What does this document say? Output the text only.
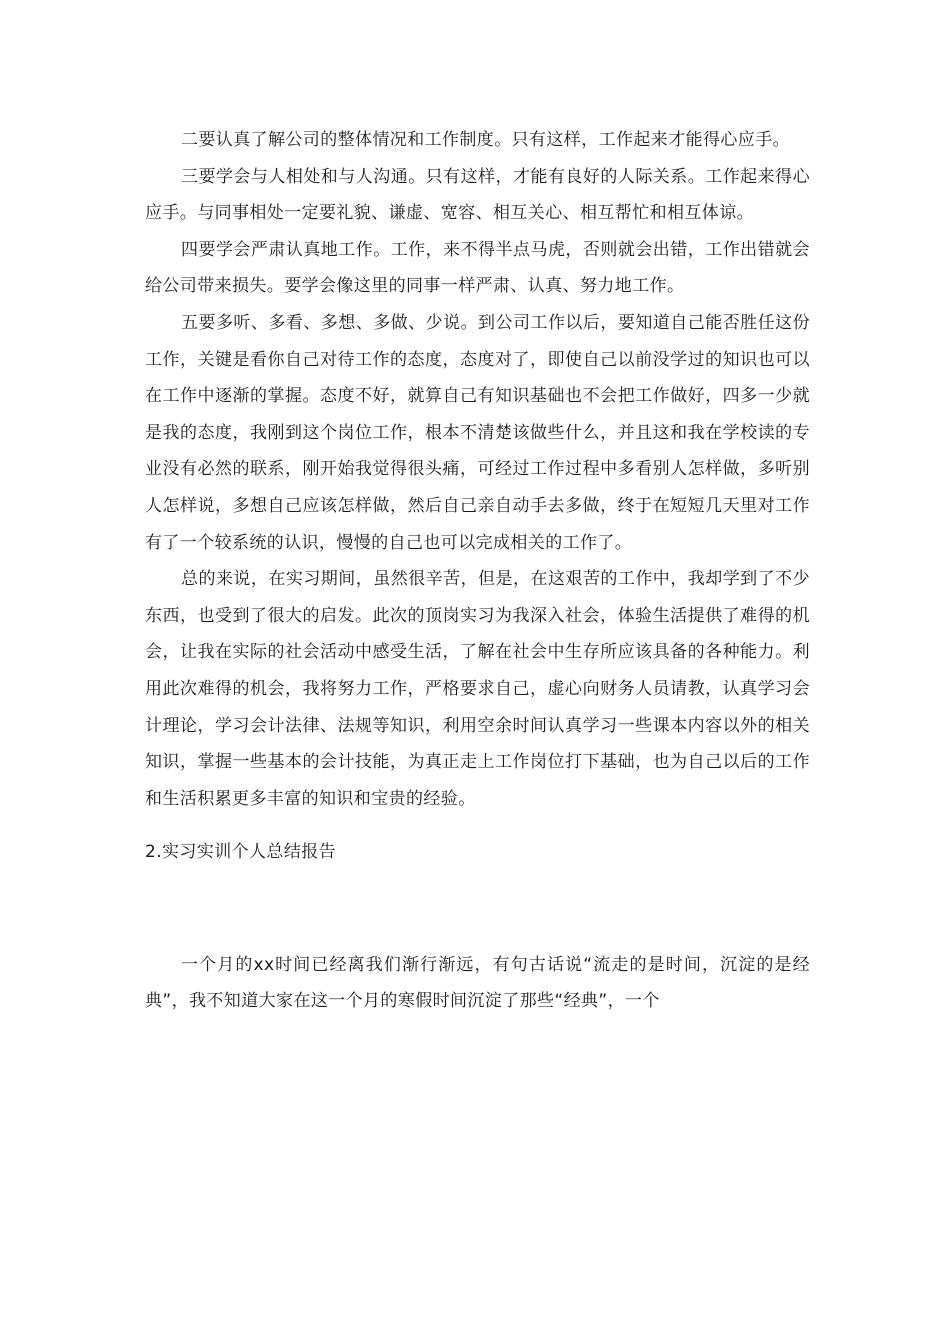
二要认真了解公司的整体情况和工作制度。只有这样，工作起来才能得心应手。

三要学会与人相处和与人沟通。只有这样，才能有良好的人际关系。工作起来得心应手。与同事相处一定要礼貌、谦虚、宽容、相互关心、相互帮忙和相互体谅。

四要学会严肃认真地工作。工作，来不得半点马虎，否则就会出错，工作出错就会给公司带来损失。要学会像这里的同事一样严肃、认真、努力地工作。

五要多听、多看、多想、多做、少说。到公司工作以后，要知道自己能否胜任这份工作，关键是看你自己对待工作的态度，态度对了，即使自己以前没学过的知识也可以在工作中逐渐的掌握。态度不好，就算自己有知识基础也不会把工作做好，四多一少就是我的态度，我刚到这个岗位工作，根本不清楚该做些什么，并且这和我在学校读的专业没有必然的联系，刚开始我觉得很头痛，可经过工作过程中多看别人怎样做，多听别人怎样说，多想自己应该怎样做，然后自己亲自动手去多做，终于在短短几天里对工作有了一个较系统的认识，慢慢的自己也可以完成相关的工作了。

总的来说，在实习期间，虽然很辛苦，但是，在这艰苦的工作中，我却学到了不少东西，也受到了很大的启发。此次的顶岗实习为我深入社会，体验生活提供了难得的机会，让我在实际的社会活动中感受生活，了解在社会中生存所应该具备的各种能力。利用此次难得的机会，我将努力工作，严格要求自己，虚心向财务人员请教，认真学习会计理论，学习会计法律、法规等知识，利用空余时间认真学习一些课本内容以外的相关知识，掌握一些基本的会计技能，为真正走上工作岗位打下基础，也为自己以后的工作和生活积累更多丰富的知识和宝贵的经验。

2.实习实训个人总结报告

一个月的xx时间已经离我们渐行渐远，有句古话说“流走的是时间，沉淀的是经典”，我不知道大家在这一个月的寒假时间沉淀了那些“经典”，一个
